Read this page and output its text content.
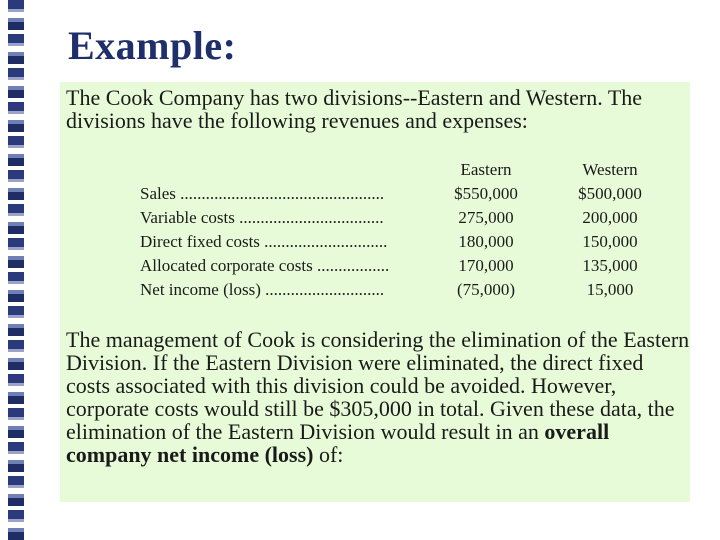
Example:

The Cook Company has two divisions--Eastern and Western. The divisions have the following revenues and expenses:

	Eastern	Western
Sales ................................................	$550,000	$500,000
Variable costs ..................................	275,000	200,000
Direct fixed costs .............................	180,000	150,000
Allocated corporate costs .................	170,000	135,000
Net income (loss) ............................	(75,000)	15,000

The management of Cook is considering the elimination of the Eastern Division. If the Eastern Division were eliminated, the direct fixed costs associated with this division could be avoided. However, corporate costs would still be $305,000 in total. Given these data, the elimination of the Eastern Division would result in an overall company net income (loss) of:
